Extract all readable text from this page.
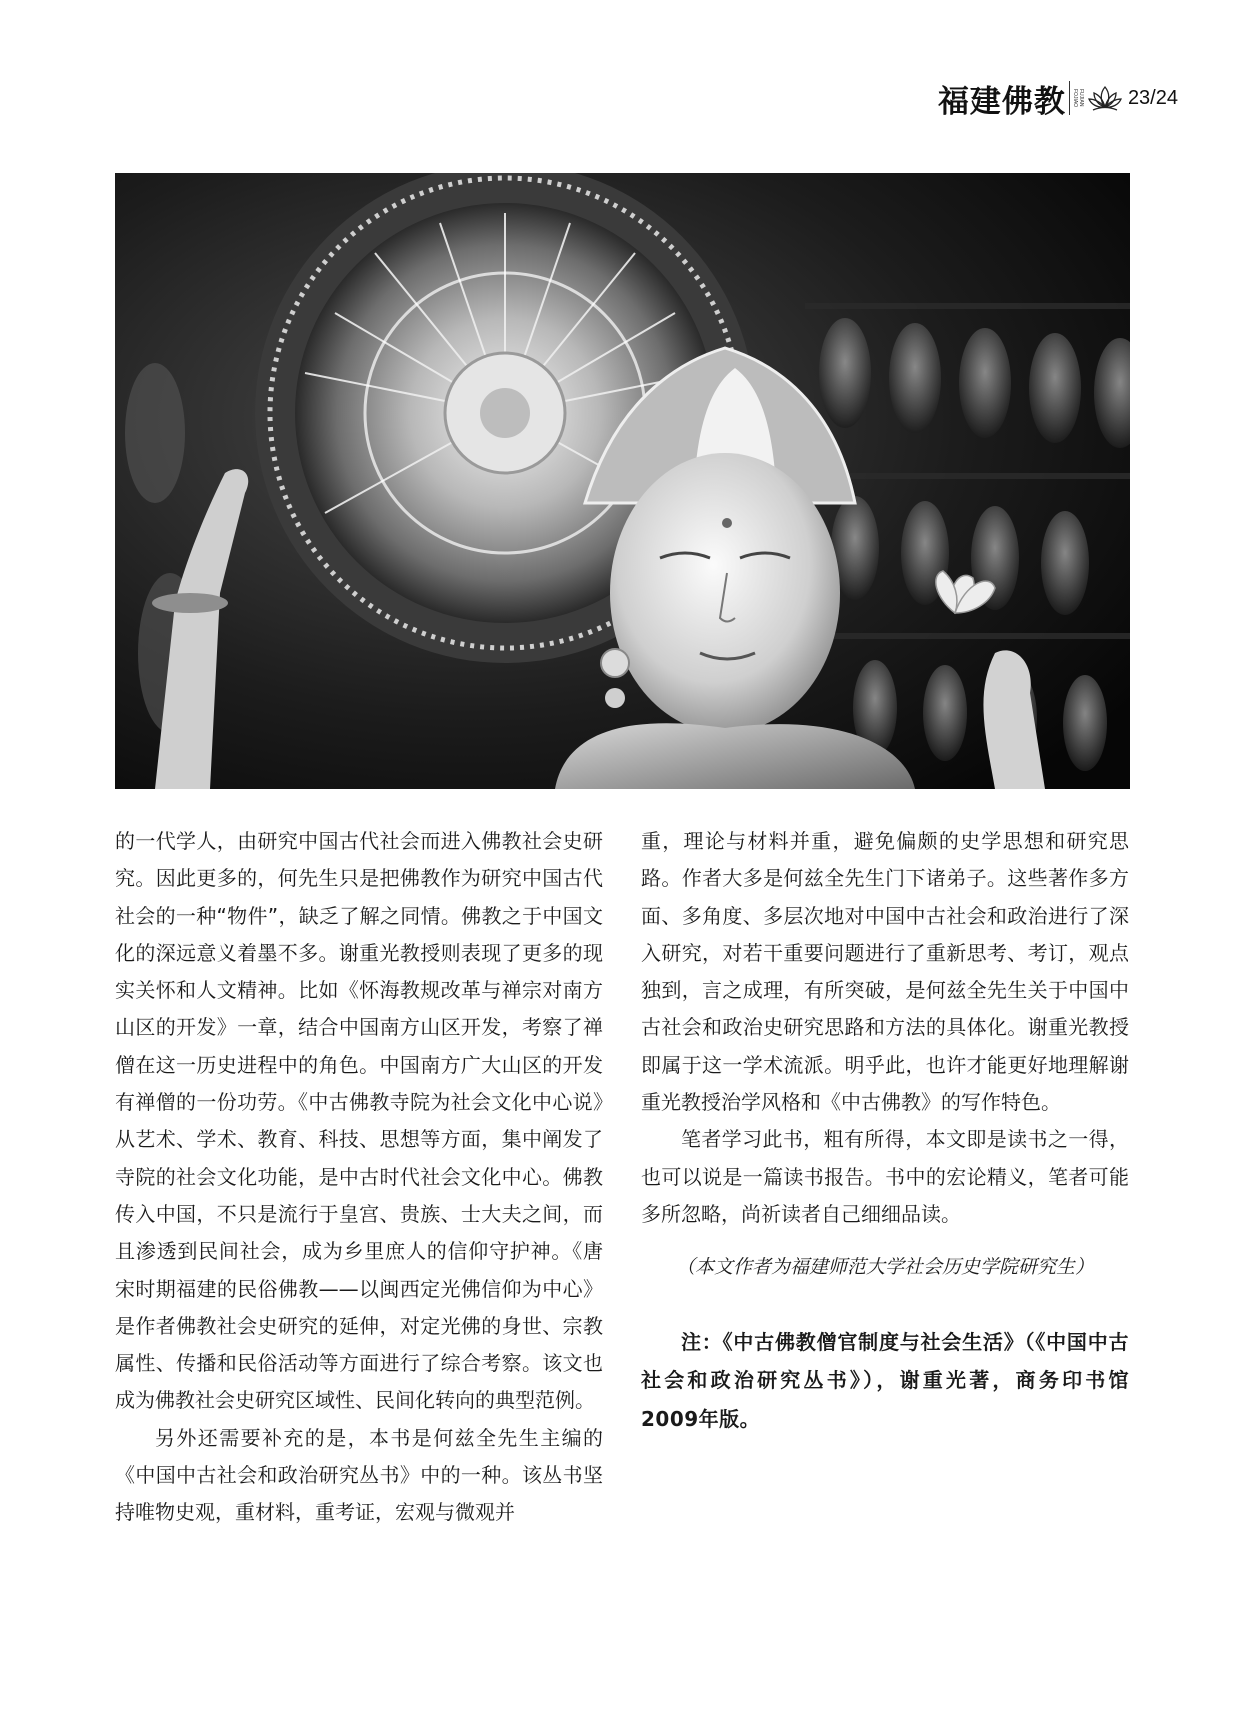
福建佛教	FUJIAN FOJIAO	23/24

的一代学人，由研究中国古代社会而进入佛教社会史研究。因此更多的，何先生只是把佛教作为研究中国古代社会的一种“物件”，缺乏了解之同情。佛教之于中国文化的深远意义着墨不多。谢重光教授则表现了更多的现实关怀和人文精神。比如《怀海教规改革与禅宗对南方山区的开发》一章，结合中国南方山区开发，考察了禅僧在这一历史进程中的角色。中国南方广大山区的开发有禅僧的一份功劳。《中古佛教寺院为社会文化中心说》从艺术、学术、教育、科技、思想等方面，集中阐发了寺院的社会文化功能，是中古时代社会文化中心。佛教传入中国，不只是流行于皇宫、贵族、士大夫之间，而且渗透到民间社会，成为乡里庶人的信仰守护神。《唐宋时期福建的民俗佛教——以闽西定光佛信仰为中心》是作者佛教社会史研究的延伸，对定光佛的身世、宗教属性、传播和民俗活动等方面进行了综合考察。该文也成为佛教社会史研究区域性、民间化转向的典型范例。

另外还需要补充的是，本书是何兹全先生主编的《中国中古社会和政治研究丛书》中的一种。该丛书坚持唯物史观，重材料，重考证，宏观与微观并

重，理论与材料并重，避免偏颇的史学思想和研究思路。作者大多是何兹全先生门下诸弟子。这些著作多方面、多角度、多层次地对中国中古社会和政治进行了深入研究，对若干重要问题进行了重新思考、考订，观点独到，言之成理，有所突破，是何兹全先生关于中国中古社会和政治史研究思路和方法的具体化。谢重光教授即属于这一学术流派。明乎此，也许才能更好地理解谢重光教授治学风格和《中古佛教》的写作特色。

笔者学习此书，粗有所得，本文即是读书之一得，也可以说是一篇读书报告。书中的宏论精义，笔者可能多所忽略，尚祈读者自己细细品读。

（本文作者为福建师范大学社会历史学院研究生）

注：《中古佛教僧官制度与社会生活》（《中国中古社会和政治研究丛书》），谢重光著，商务印书馆2009年版。
